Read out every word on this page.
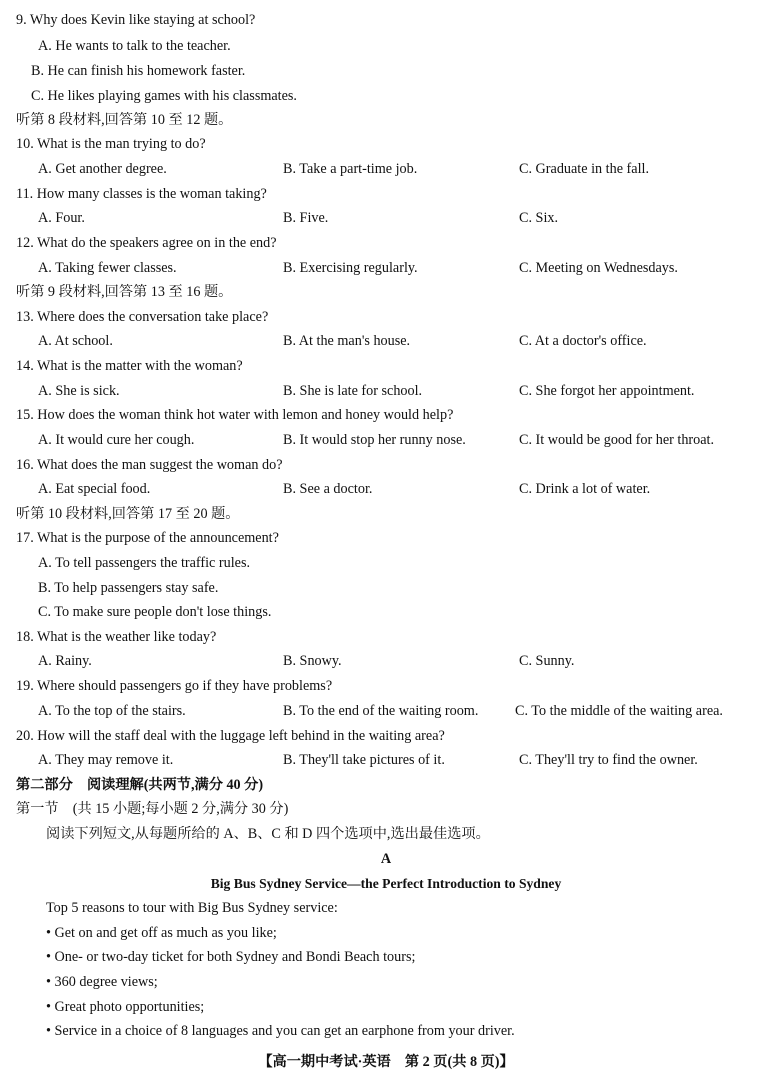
9. Why does Kevin like staying at school?
A. He wants to talk to the teacher.
B. He can finish his homework faster.
C. He likes playing games with his classmates.
听第 8 段材料,回答第 10 至 12 题。
10. What is the man trying to do?
A. Get another degree.	B. Take a part-time job.	C. Graduate in the fall.
11. How many classes is the woman taking?
A. Four.	B. Five.	C. Six.
12. What do the speakers agree on in the end?
A. Taking fewer classes.	B. Exercising regularly.	C. Meeting on Wednesdays.
听第 9 段材料,回答第 13 至 16 题。
13. Where does the conversation take place?
A. At school.	B. At the man's house.	C. At a doctor's office.
14. What is the matter with the woman?
A. She is sick.	B. She is late for school.	C. She forgot her appointment.
15. How does the woman think hot water with lemon and honey would help?
A. It would cure her cough.	B. It would stop her runny nose.	C. It would be good for her throat.
16. What does the man suggest the woman do?
A. Eat special food.	B. See a doctor.	C. Drink a lot of water.
听第 10 段材料,回答第 17 至 20 题。
17. What is the purpose of the announcement?
A. To tell passengers the traffic rules.
B. To help passengers stay safe.
C. To make sure people don't lose things.
18. What is the weather like today?
A. Rainy.	B. Snowy.	C. Sunny.
19. Where should passengers go if they have problems?
A. To the top of the stairs.	B. To the end of the waiting room.	C. To the middle of the waiting area.
20. How will the staff deal with the luggage left behind in the waiting area?
A. They may remove it.	B. They'll take pictures of it.	C. They'll try to find the owner.
第二部分　阅读理解(共两节,满分 40 分)
第一节　(共 15 小题;每小题 2 分,满分 30 分)
阅读下列短文,从每题所给的 A、B、C 和 D 四个选项中,选出最佳选项。
A
Big Bus Sydney Service—the Perfect Introduction to Sydney
Top 5 reasons to tour with Big Bus Sydney service:
• Get on and get off as much as you like;
• One- or two-day ticket for both Sydney and Bondi Beach tours;
• 360 degree views;
• Great photo opportunities;
• Service in a choice of 8 languages and you can get an earphone from your driver.
【高一期中考试·英语　第 2 页(共 8 页)】
